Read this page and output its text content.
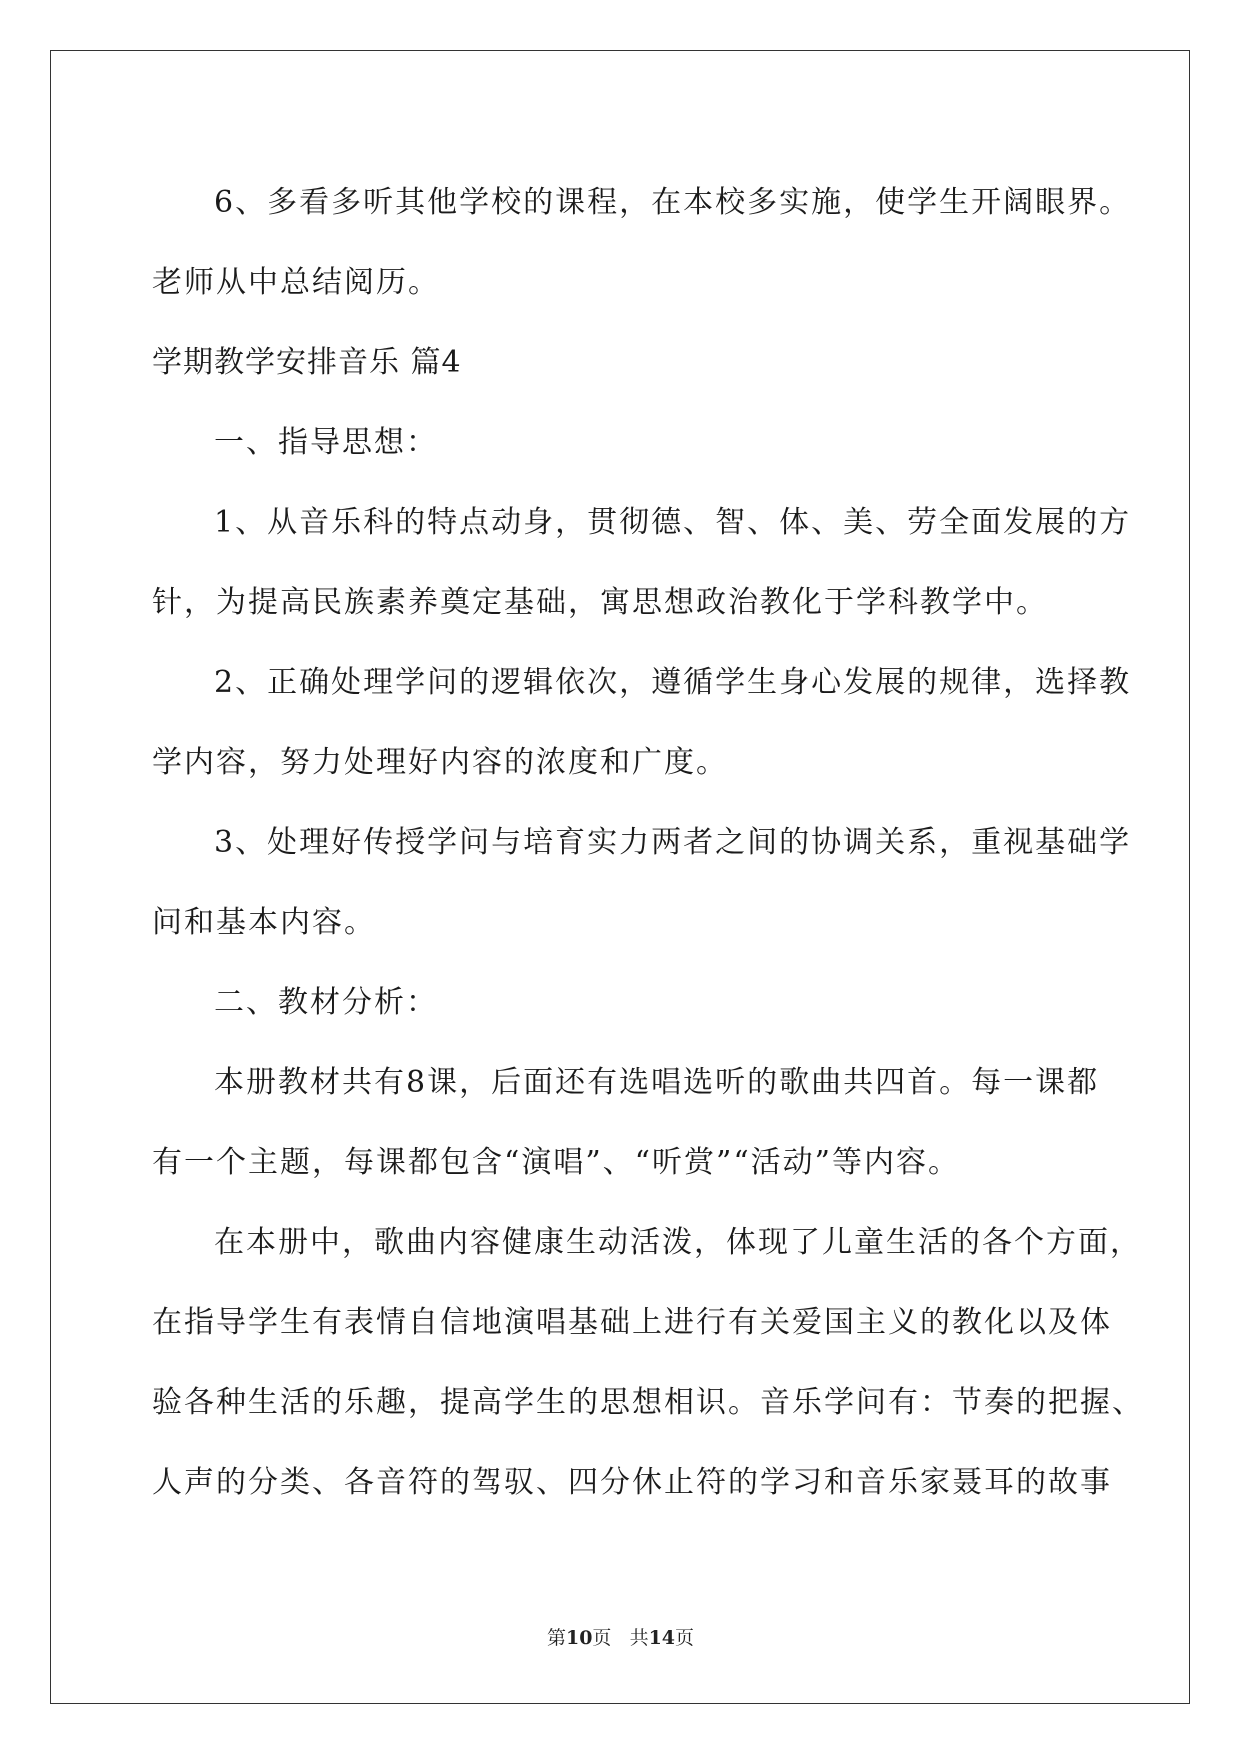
6、多看多听其他学校的课程，在本校多实施，使学生开阔眼界。

老师从中总结阅历。

学期教学安排音乐 篇4

一、指导思想：

1、从音乐科的特点动身，贯彻德、智、体、美、劳全面发展的方

针，为提高民族素养奠定基础，寓思想政治教化于学科教学中。

2、正确处理学问的逻辑依次，遵循学生身心发展的规律，选择教

学内容，努力处理好内容的浓度和广度。

3、处理好传授学问与培育实力两者之间的协调关系，重视基础学

问和基本内容。

二、教材分析：

本册教材共有8课，后面还有选唱选听的歌曲共四首。每一课都

有一个主题，每课都包含“演唱”、“听赏”“活动”等内容。

在本册中，歌曲内容健康生动活泼，体现了儿童生活的各个方面，

在指导学生有表情自信地演唱基础上进行有关爱国主义的教化以及体

验各种生活的乐趣，提高学生的思想相识。音乐学问有：节奏的把握、

人声的分类、各音符的驾驭、四分休止符的学习和音乐家聂耳的故事

第10页 共14页
